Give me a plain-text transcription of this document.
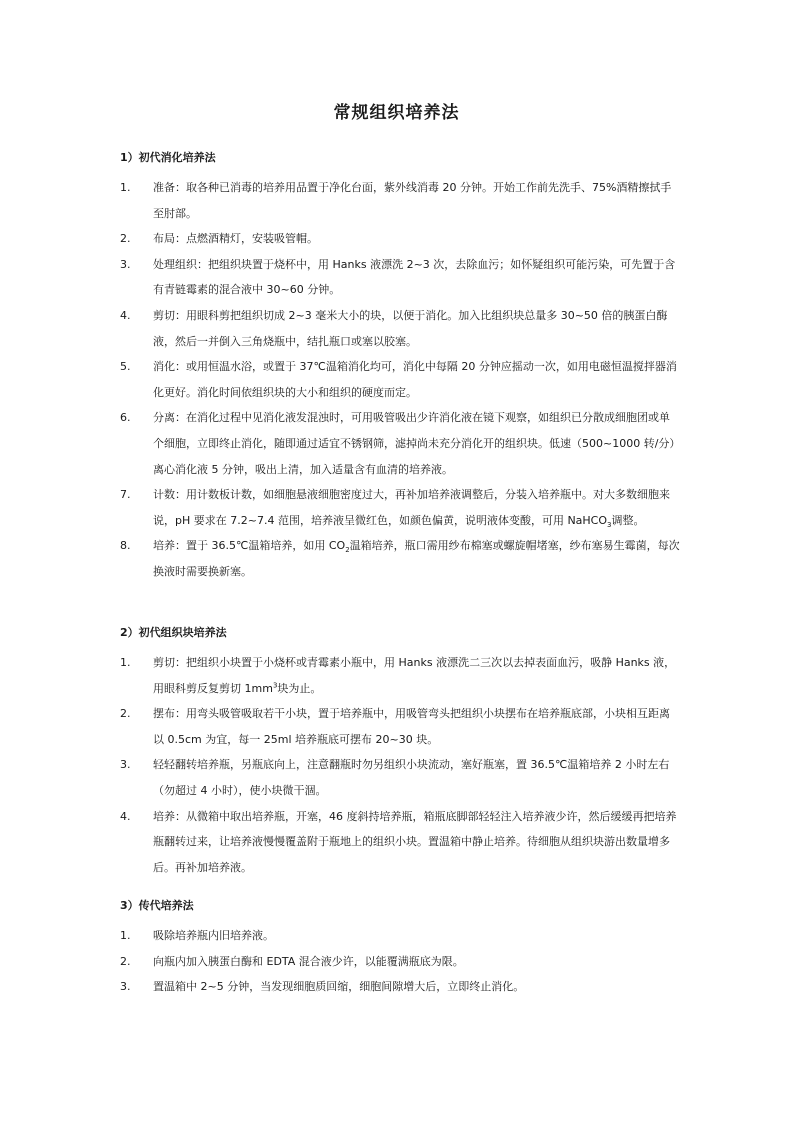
常规组织培养法
1）初代消化培养法
1. 准备：取各种已消毒的培养用品置于净化台面，紫外线消毒 20 分钟。开始工作前先洗手、75%酒精擦拭手至肘部。
2. 布局：点燃酒精灯，安装吸管帽。
3. 处理组织：把组织块置于烧杯中，用 Hanks 液漂洗 2~3 次，去除血污；如怀疑组织可能污染，可先置于含有青链霉素的混合液中 30~60 分钟。
4. 剪切：用眼科剪把组织切成 2~3 毫米大小的块，以便于消化。加入比组织块总量多 30~50 倍的胰蛋白酶液，然后一并倒入三角烧瓶中，结扎瓶口或塞以胶塞。
5. 消化：或用恒温水浴，或置于 37℃温箱消化均可，消化中每隔 20 分钟应摇动一次，如用电磁恒温搅拌器消化更好。消化时间依组织块的大小和组织的硬度而定。
6. 分离：在消化过程中见消化液发混浊时，可用吸管吸出少许消化液在镜下观察，如组织已分散成细胞团或单个细胞，立即终止消化，随即通过适宜不锈钢筛，滤掉尚未充分消化开的组织块。低速（500~1000 转/分）离心消化液 5 分钟，吸出上清，加入适量含有血清的培养液。
7. 计数：用计数板计数，如细胞悬液细胞密度过大，再补加培养液调整后，分装入培养瓶中。对大多数细胞来说，pH 要求在 7.2~7.4 范围，培养液呈微红色，如颜色偏黄，说明液体变酸，可用 NaHCO$_3$调整。
8. 培养：置于 36.5℃温箱培养，如用 $CO_2$温箱培养，瓶口需用纱布棉塞或螺旋帽堵塞，纱布塞易生霉菌，每次换液时需要换新塞。
2）初代组织块培养法
1. 剪切：把组织小块置于小烧杯或青霉素小瓶中，用 Hanks 液漂洗二三次以去掉表面血污，吸静 Hanks 液，用眼科剪反复剪切 $1mm^3$块为止。
2. 摆布：用弯头吸管吸取若干小块，置于培养瓶中，用吸管弯头把组织小块摆布在培养瓶底部，小块相互距离以 0.5cm 为宜，每一 25ml 培养瓶底可摆布 20~30 块。
3. 轻轻翻转培养瓶，另瓶底向上，注意翻瓶时勿另组织小块流动，塞好瓶塞，置 36.5℃温箱培养 2 小时左右（勿超过 4 小时），使小块微干涸。
4. 培养：从微箱中取出培养瓶，开塞，46 度斜持培养瓶，箱瓶底脚部轻轻注入培养液少许，然后缓缓再把培养瓶翻转过来，让培养液慢慢覆盖附于瓶地上的组织小块。置温箱中静止培养。待细胞从组织块游出数量增多后。再补加培养液。
3）传代培养法
1. 吸除培养瓶内旧培养液。
2. 向瓶内加入胰蛋白酶和 EDTA 混合液少许，以能覆满瓶底为限。
3. 置温箱中 2~5 分钟，当发现细胞质回缩，细胞间隙增大后，立即终止消化。
